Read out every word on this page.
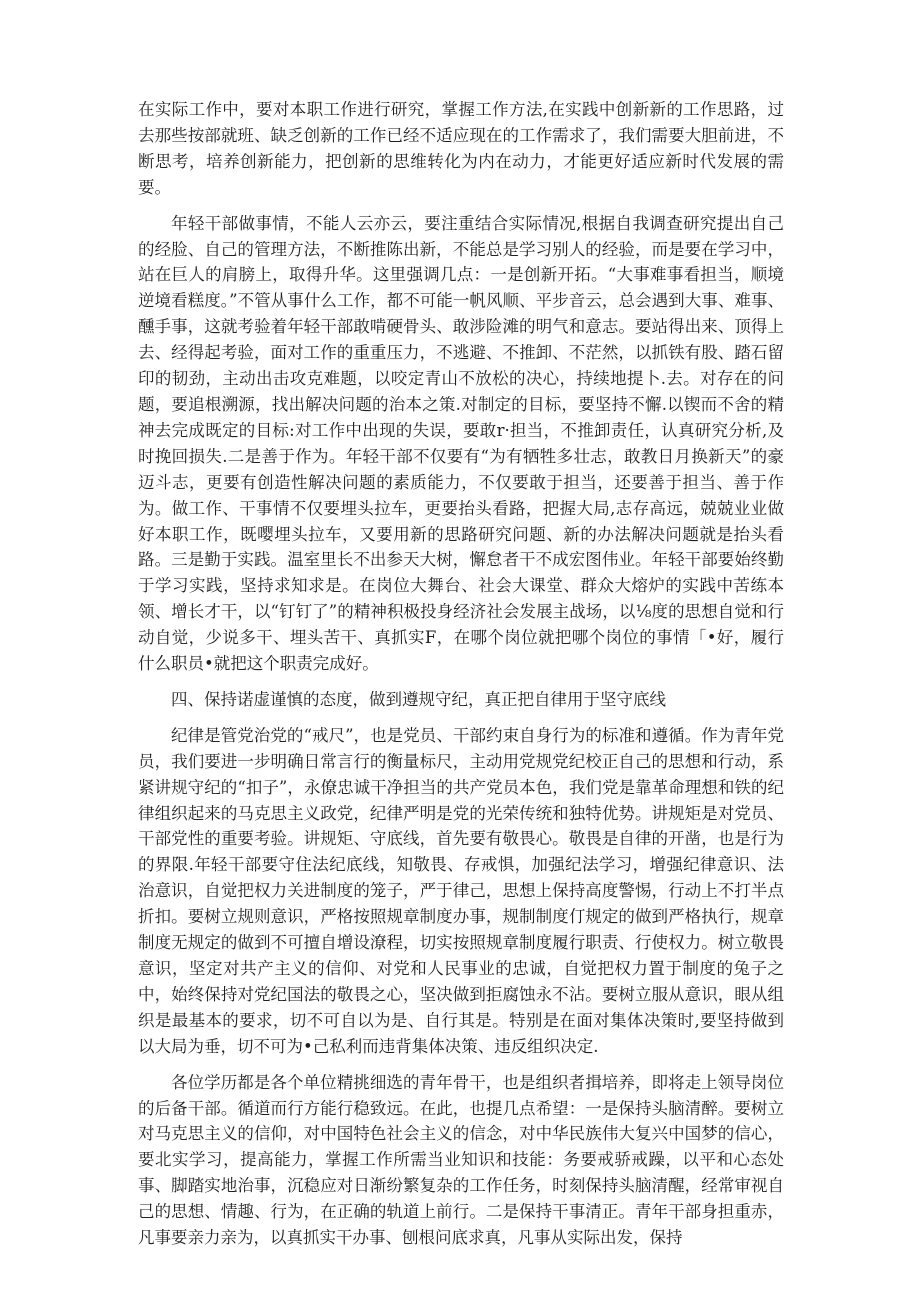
在实际工作中，要对本职工作进行研究，掌握工作方法,在实践中创新新的工作思路，过去那些按部就班、缺乏创新的工作已经不适应现在的工作需求了，我们需要大胆前进，不断思考，培养创新能力，把创新的思维转化为内在动力，才能更好适应新时代发展的需要。

年轻干部做事情，不能人云亦云，要注重结合实际情况,根据自我调查研究提出自己的经脸、自己的管理方法，不断推陈出新，不能总是学习别人的经验，而是要在学习中，站在巨人的肩膀上，取得升华。这里强调几点：一是创新开拓。“大事难事看担当，顺境逆境看糕度。”不管从事什么工作，都不可能一帆风顺、平步音云，总会遇到大事、难事、醺手事，这就考验着年轻干部敢啃硬骨头、敢涉险滩的明气和意志。要站得出来、顶得上去、经得起考验，面对工作的重重压力，不逃避、不推卸、不茫然，以抓铁有股、踏石留印的韧劲，主动出击攻克难题，以咬定青山不放松的决心，持续地提卜.去。对存在的问题，要追根溯源，找出解决问题的治本之策.对制定的目标，要坚持不懈.以锲而不舍的精神去完成既定的目标:对工作中出现的失误，要敢r·担当，不推卸责任，认真研究分析,及时挽回损失.二是善于作为。年轻干部不仅要有“为有牺牲多壮志，敢教日月换新天”的豪迈斗志，更要有创造性解决问题的素质能力，不仅要敢于担当，还要善于担当、善于作为。做工作、干事情不仅要埋头拉车，更要抬头看路，把握大局,志存高远，兢兢业业做好本职工作，既嘤埋头拉车，又要用新的思路研究问题、新的办法解决问题就是抬头看路。三是勤于实践。温室里长不出参天大树，懈怠者干不成宏图伟业。年轻干部要始终勤于学习实践，坚持求知求是。在岗位大舞台、社会大课堂、群众大熔炉的实践中苦练本领、增长才干，以“钉钉了”的精神积极投身经济社会发展主战场，以⅛度的思想自觉和行动自觉，少说多干、埋头苦干、真抓实F，在哪个岗位就把哪个岗位的事情「•好，履行什么职员•就把这个职责完成好。

四、保持诺虚谨慎的态度，做到遵规守纪，真正把自律用于坚守底线

纪律是管党治党的“戒尺”，也是党员、干部约束自身行为的标准和遵循。作为青年党员，我们要进一步明确日常言行的衡量标尺，主动用党规党纪校正自己的思想和行动，系紧讲规守纪的“扣子”，永僚忠诚干净担当的共产党员本色，我们党是靠革命理想和铁的纪律组织起来的马克思主义政党，纪律严明是党的光荣传统和独特优势。讲规矩是对党员、干部党性的重要考验。讲规矩、守底线，首先要有敬畏心。敬畏是自律的开凿，也是行为的界限.年轻干部要守住法纪底线，知敬畏、存戒惧，加强纪法学习，增强纪律意识、法治意识，自觉把权力关进制度的笼子，严于律己，思想上保持高度警惕，行动上不打半点折扣。要树立规则意识，严格按照规章制度办事，规制制度仃规定的做到严格执行，规章制度无规定的做到不可擅自增设潦程，切实按照规章制度履行职责、行使权力。树立敬畏意识，坚定对共产主义的信仰、对党和人民事业的忠诚，自觉把权力置于制度的兔子之中，始终保持对党纪国法的敬畏之心，坚决做到拒腐蚀永不沾。要树立服从意识，眼从组织是最基本的要求，切不可自以为是、自行其是。特别是在面对集体决策时,要坚持做到以大局为垂，切不可为•己私利而违背集体决策、违反组织决定.

各位学历都是各个单位精挑细选的青年骨干，也是组织者揖培养，即将走上领导岗位的后备干部。循道而行方能行稳致远。在此，也提几点希望：一是保持头脑清醉。要树立对马克思主义的信仰，对中国特色社会主义的信念，对中华民族伟大复兴中国梦的信心，要北实学习，提高能力，掌握工作所需当业知识和技能：务要戒骄戒躁，以平和心态处事、脚踏实地治事，沉稳应对日渐纷繁复杂的工作任务，时刻保持头脑清醒，经常审视自己的思想、情趣、行为，在正确的轨道上前行。二是保持干事清正。青年干部身担重赤，凡事要亲力亲为，以真抓实干办事、刨根问底求真，凡事从实际出发，保持
